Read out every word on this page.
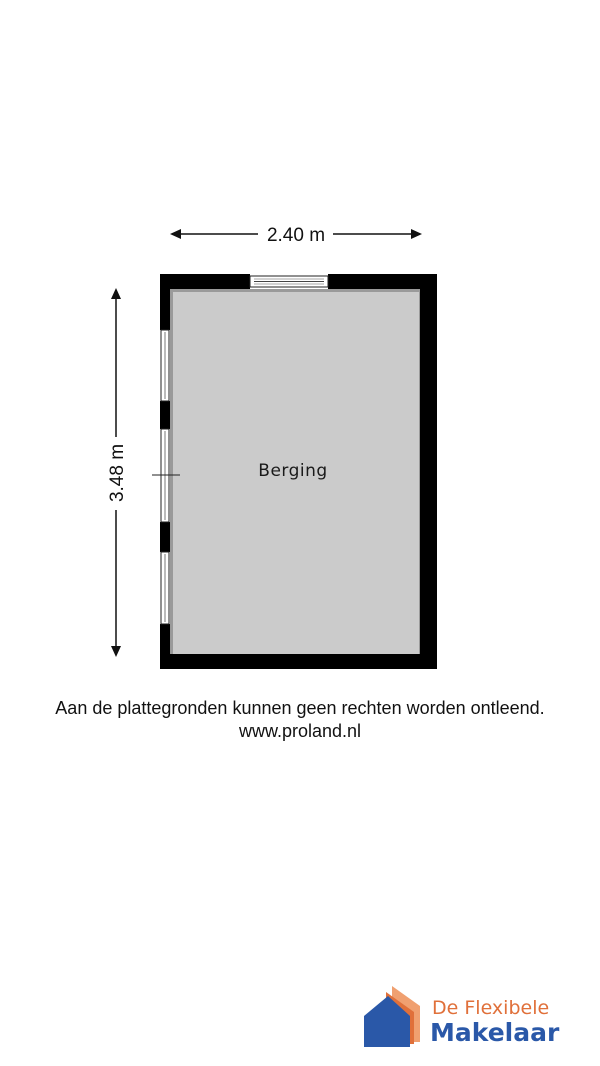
2.40 m
3.48 m	Berging
Aan de plattegronden kunnen geen rechten worden ontleend.
www.proland.nl
De Flexibele
Makelaar
